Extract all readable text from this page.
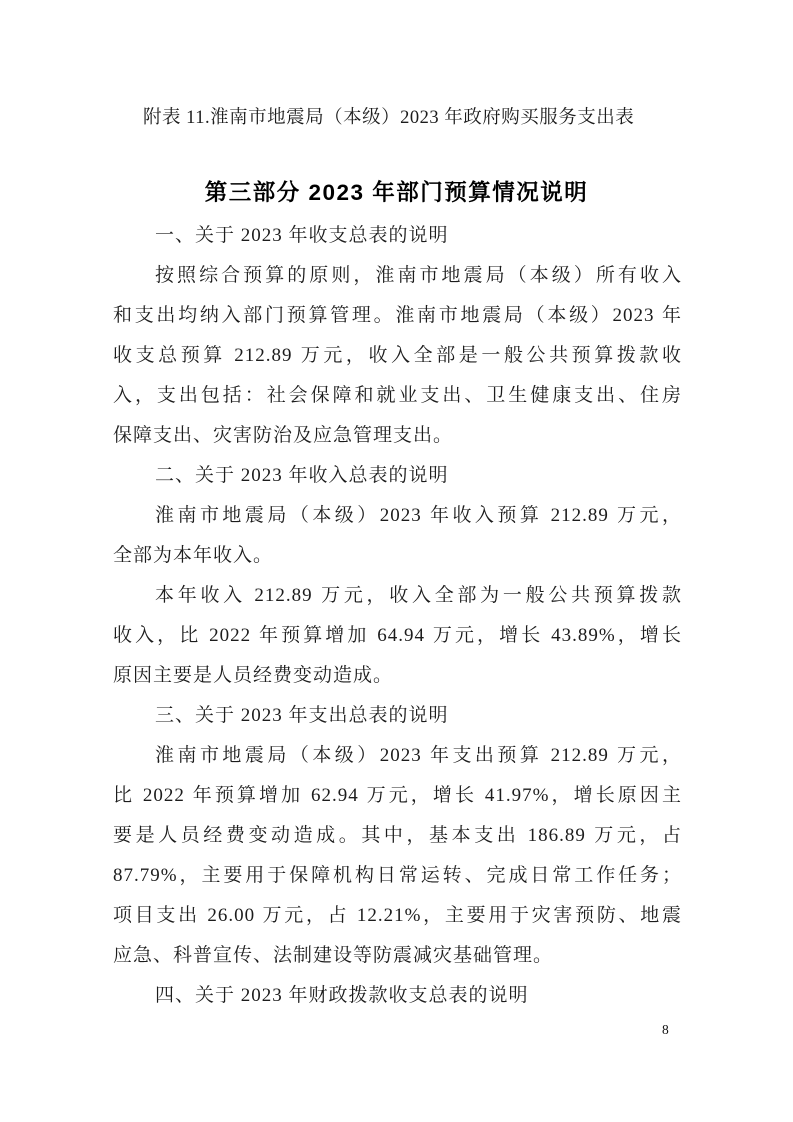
附表 11.淮南市地震局（本级）2023 年政府购买服务支出表
第三部分 2023 年部门预算情况说明
一、关于 2023 年收支总表的说明
按照综合预算的原则，淮南市地震局（本级）所有收入
和支出均纳入部门预算管理。淮南市地震局（本级）2023 年
收支总预算 212.89 万元，收入全部是一般公共预算拨款收
入，支出包括：社会保障和就业支出、卫生健康支出、住房
保障支出、灾害防治及应急管理支出。
二、关于 2023 年收入总表的说明
淮南市地震局（本级）2023 年收入预算 212.89 万元，
全部为本年收入。
本年收入 212.89 万元，收入全部为一般公共预算拨款
收入，比 2022 年预算增加 64.94 万元，增长 43.89%，增长
原因主要是人员经费变动造成。
三、关于 2023 年支出总表的说明
淮南市地震局（本级）2023 年支出预算 212.89 万元，
比 2022 年预算增加 62.94 万元，增长 41.97%，增长原因主
要是人员经费变动造成。其中，基本支出 186.89 万元，占
87.79%，主要用于保障机构日常运转、完成日常工作任务；
项目支出 26.00 万元，占 12.21%，主要用于灾害预防、地震
应急、科普宣传、法制建设等防震减灾基础管理。
四、关于 2023 年财政拨款收支总表的说明
8
